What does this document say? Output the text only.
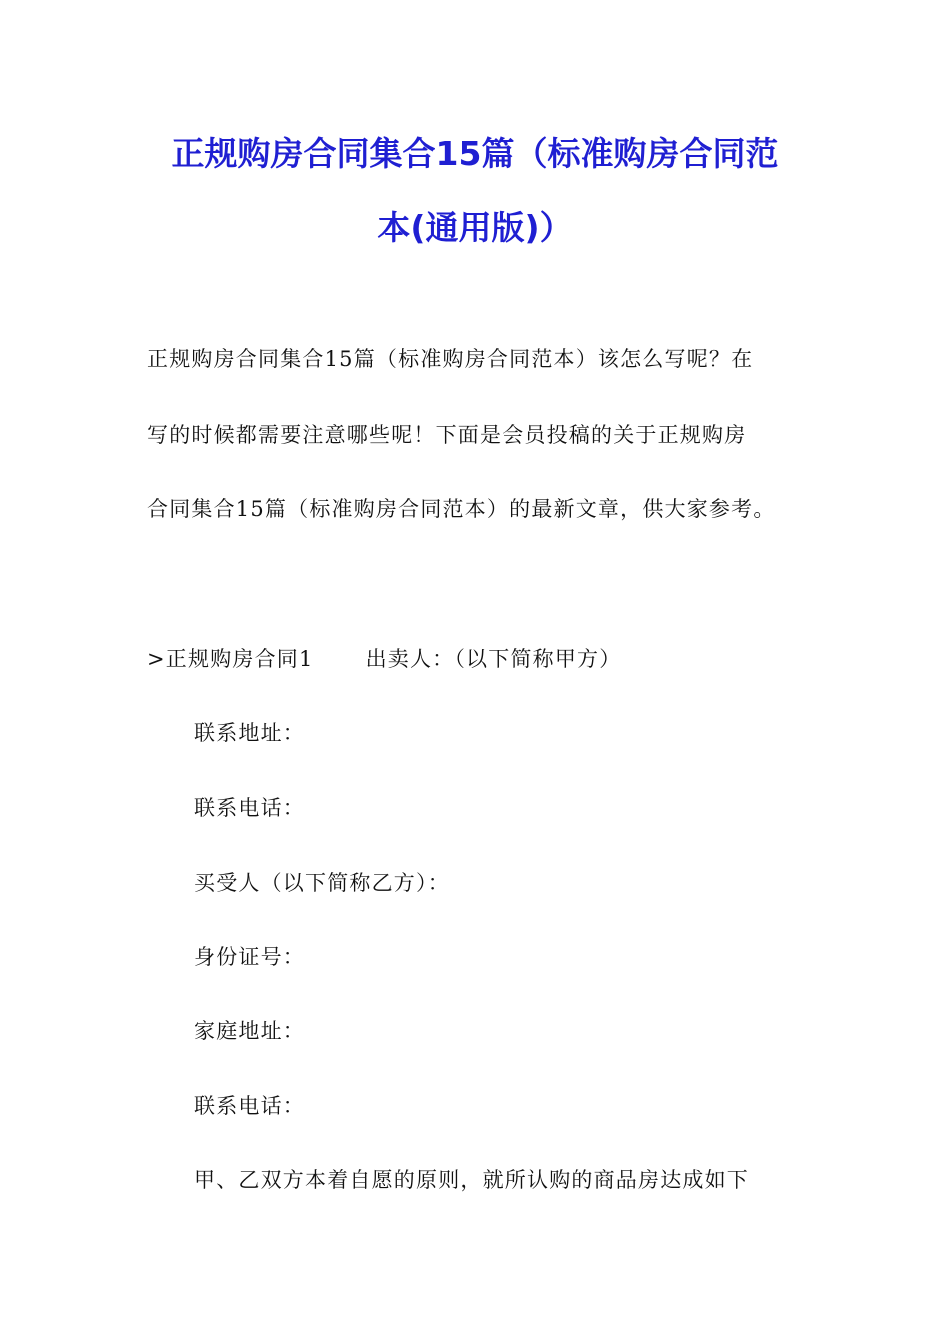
正规购房合同集合15篇（标准购房合同范
本(通用版)）
正规购房合同集合15篇（标准购房合同范本）该怎么写呢？在
写的时候都需要注意哪些呢！下面是会员投稿的关于正规购房
合同集合15篇（标准购房合同范本）的最新文章，供大家参考。
>正规购房合同1 出卖人：（以下简称甲方）
联系地址：
联系电话：
买受人（以下简称乙方）：
身份证号：
家庭地址：
联系电话：
甲、乙双方本着自愿的原则，就所认购的商品房达成如下
